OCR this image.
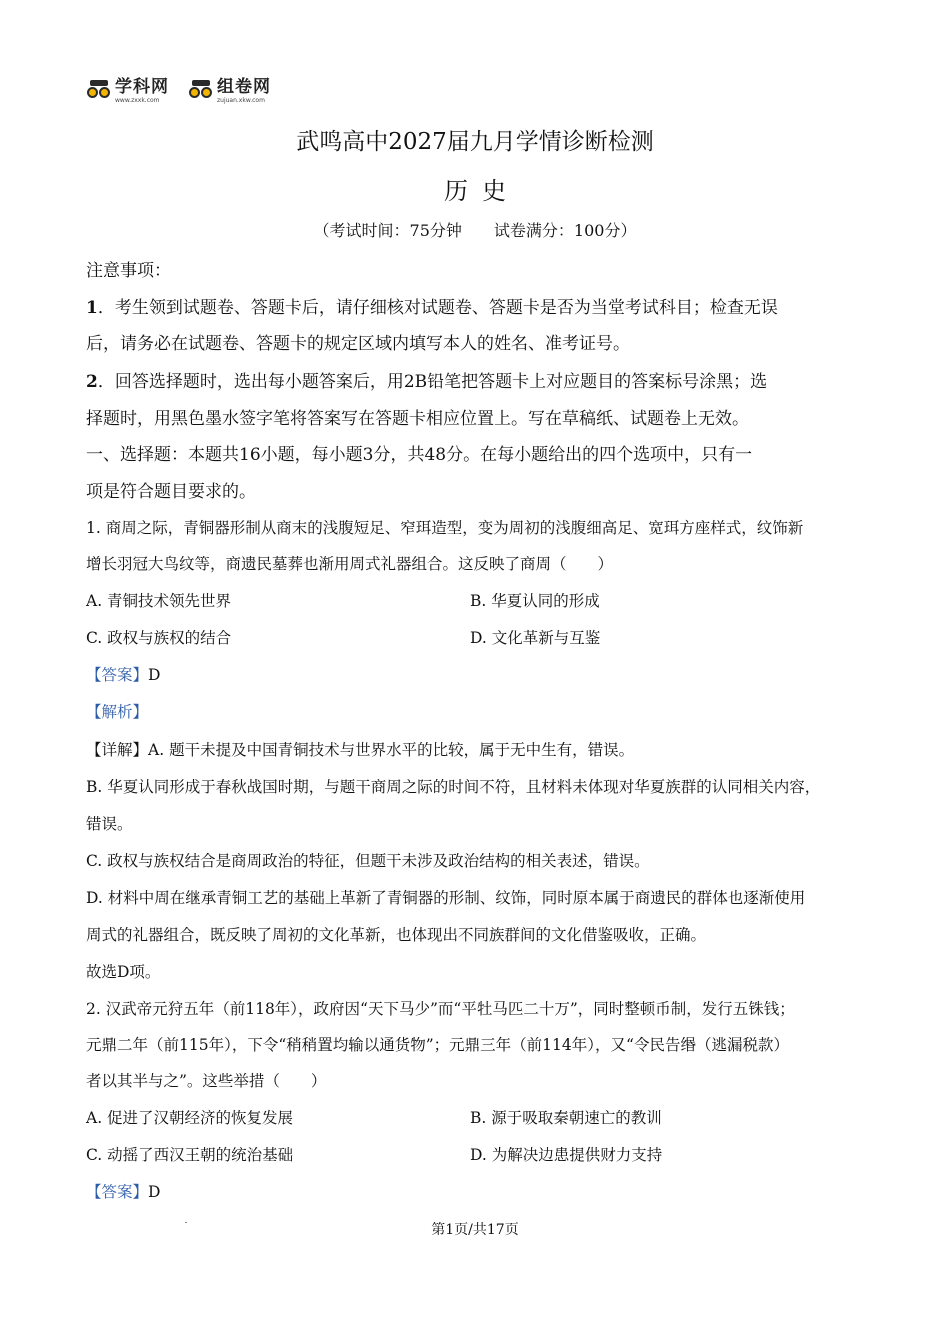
学科网
www.zxxk.com
组卷网
zujuan.xkw.com
武鸣高中2027届九月学情诊断检测
历史
（考试时间：75分钟　　试卷满分：100分）
注意事项：
1．考生领到试题卷、答题卡后，请仔细核对试题卷、答题卡是否为当堂考试科目；检查无误
后，请务必在试题卷、答题卡的规定区域内填写本人的姓名、准考证号。
2．回答选择题时，选出每小题答案后，用2B铅笔把答题卡上对应题目的答案标号涂黑；选
择题时，用黑色墨水签字笔将答案写在答题卡相应位置上。写在草稿纸、试题卷上无效。
一、选择题：本题共16小题，每小题3分，共48分。在每小题给出的四个选项中，只有一
项是符合题目要求的。
1. 商周之际，青铜器形制从商末的浅腹短足、窄珥造型，变为周初的浅腹细高足、宽珥方座样式，纹饰新
增长羽冠大鸟纹等，商遗民墓葬也渐用周式礼器组合。这反映了商周（　　）
A. 青铜技术领先世界	B. 华夏认同的形成
C. 政权与族权的结合	D. 文化革新与互鉴
【答案】D
【解析】
【详解】A. 题干未提及中国青铜技术与世界水平的比较，属于无中生有，错误。
B. 华夏认同形成于春秋战国时期，与题干商周之际的时间不符，且材料未体现对华夏族群的认同相关内容，
错误。
C. 政权与族权结合是商周政治的特征，但题干未涉及政治结构的相关表述，错误。
D. 材料中周在继承青铜工艺的基础上革新了青铜器的形制、纹饰，同时原本属于商遗民的群体也逐渐使用
周式的礼器组合，既反映了周初的文化革新，也体现出不同族群间的文化借鉴吸收，正确。
故选D项。
2. 汉武帝元狩五年（前118年），政府因“天下马少”而“平牡马匹二十万”，同时整顿币制，发行五铢钱；
元鼎二年（前115年），下令“稍稍置均输以通货物”；元鼎三年（前114年），又“令民告缗（逃漏税款）
者以其半与之”。这些举措（　　）
A. 促进了汉朝经济的恢复发展	B. 源于吸取秦朝速亡的教训
C. 动摇了西汉王朝的统治基础	D. 为解决边患提供财力支持
【答案】D
第1页/共17页
